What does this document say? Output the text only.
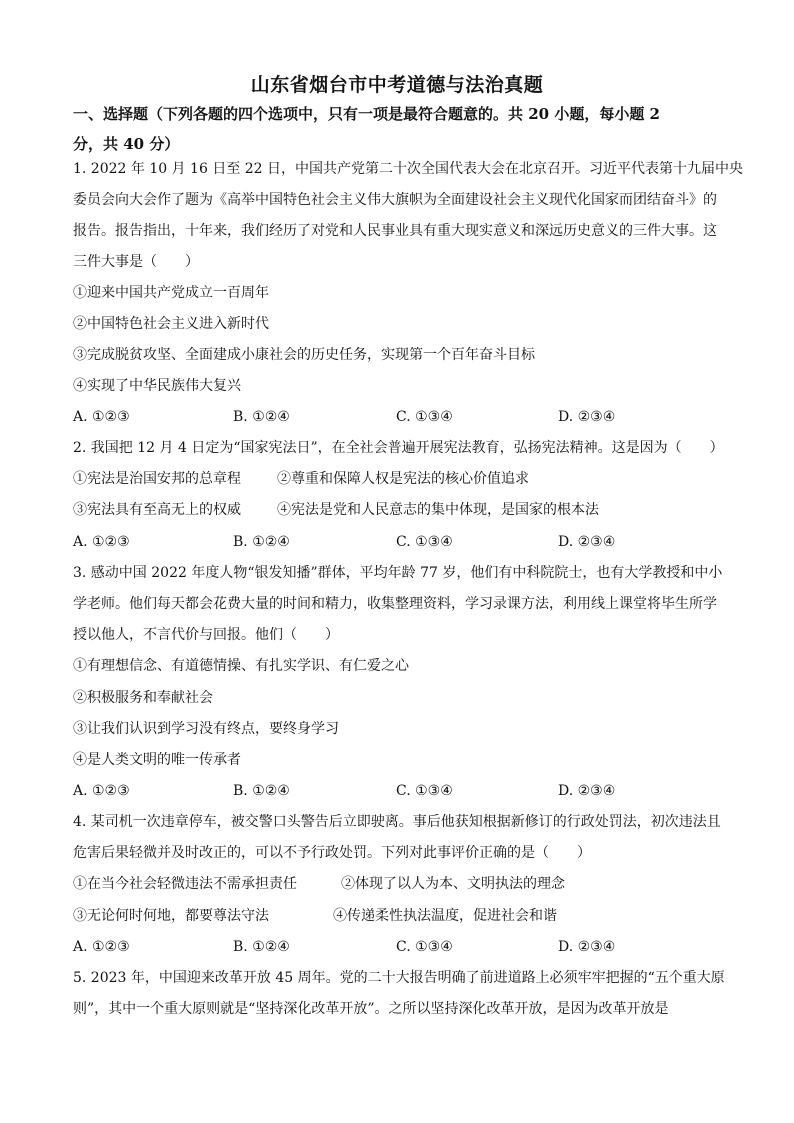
山东省烟台市中考道德与法治真题
一、选择题（下列各题的四个选项中，只有一项是最符合题意的。共 20 小题，每小题 2
分，共 40 分）
1. 2022 年 10 月 16 日至 22 日，中国共产党第二十次全国代表大会在北京召开。习近平代表第十九届中央
委员会向大会作了题为《高举中国特色社会主义伟大旗帜为全面建设社会主义现代化国家而团结奋斗》的
报告。报告指出，十年来，我们经历了对党和人民事业具有重大现实意义和深远历史意义的三件大事。这
三件大事是（　　）
①迎来中国共产党成立一百周年
②中国特色社会主义进入新时代
③完成脱贫攻坚、全面建成小康社会的历史任务，实现第一个百年奋斗目标
④实现了中华民族伟大复兴
A. ①②③	B. ①②④	C. ①③④	D. ②③④
2. 我国把 12 月 4 日定为“国家宪法日”，在全社会普遍开展宪法教育，弘扬宪法精神。这是因为（　　）
①宪法是治国安邦的总章程	②尊重和保障人权是宪法的核心价值追求
③宪法具有至高无上的权威	④宪法是党和人民意志的集中体现，是国家的根本法
A. ①②③	B. ①②④	C. ①③④	D. ②③④
3. 感动中国 2022 年度人物“银发知播”群体，平均年龄 77 岁，他们有中科院院士，也有大学教授和中小
学老师。他们每天都会花费大量的时间和精力，收集整理资料，学习录课方法，利用线上课堂将毕生所学
授以他人，不言代价与回报。他们（　　）
①有理想信念、有道德情操、有扎实学识、有仁爱之心
②积极服务和奉献社会
③让我们认识到学习没有终点，要终身学习
④是人类文明的唯一传承者
A. ①②③	B. ①②④	C. ①③④	D. ②③④
4. 某司机一次违章停车，被交警口头警告后立即驶离。事后他获知根据新修订的行政处罚法，初次违法且
危害后果轻微并及时改正的，可以不予行政处罚。下列对此事评价正确的是（　　）
①在当今社会轻微违法不需承担责任	②体现了以人为本、文明执法的理念
③无论何时何地，都要尊法守法	④传递柔性执法温度，促进社会和谐
A. ①②③	B. ①②④	C. ①③④	D. ②③④
5. 2023 年，中国迎来改革开放 45 周年。党的二十大报告明确了前进道路上必须牢牢把握的“五个重大原
则”，其中一个重大原则就是“坚持深化改革开放”。之所以坚持深化改革开放，是因为改革开放是
